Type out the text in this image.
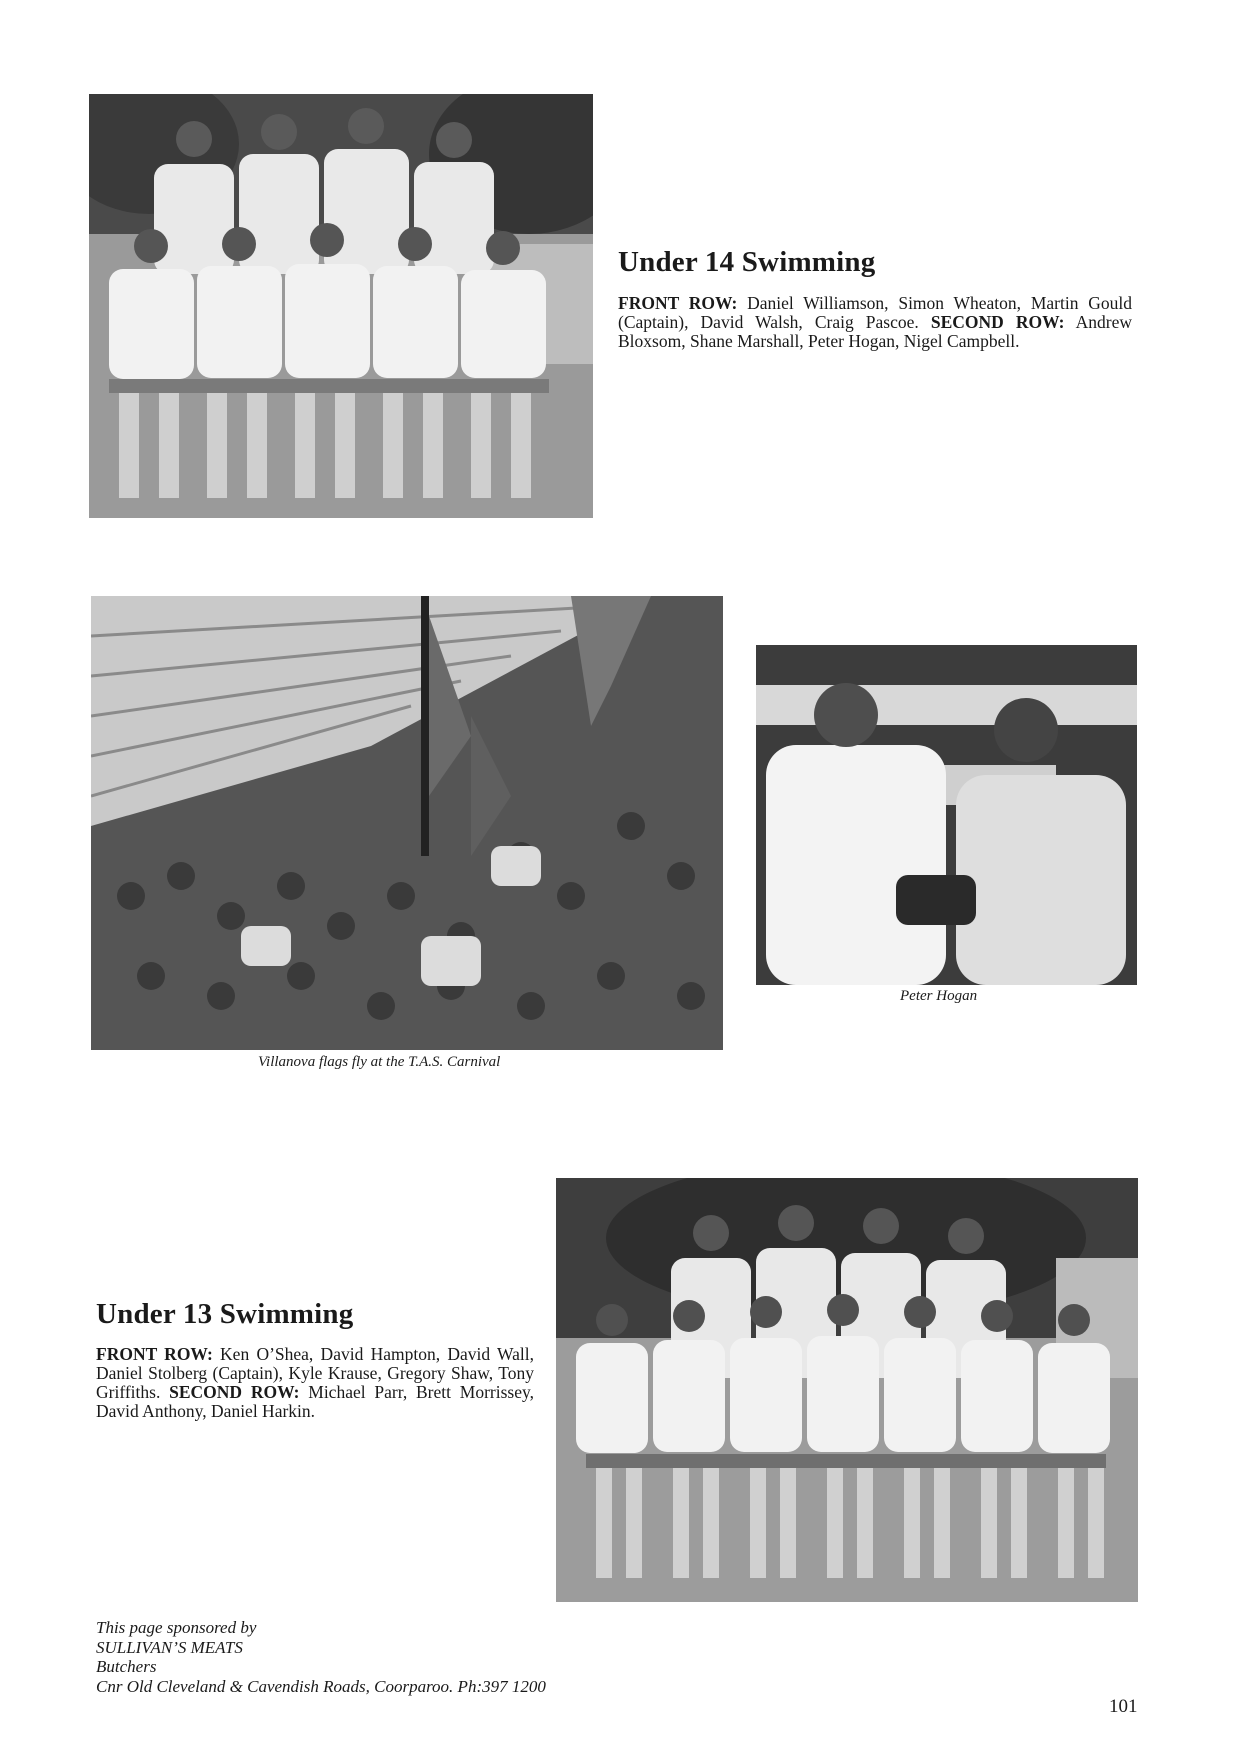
Under 14 Swimming

FRONT ROW: Daniel Williamson, Simon Wheaton, Martin Gould (Captain), David Walsh, Craig Pascoe. SECOND ROW: Andrew Bloxsom, Shane Marshall, Peter Hogan, Nigel Campbell.

Villanova flags fly at the T.A.S. Carnival
Peter Hogan
Under 13 Swimming

FRONT ROW: Ken O’Shea, David Hampton, David Wall, Daniel Stolberg (Captain), Kyle Krause, Gregory Shaw, Tony Griffiths. SECOND ROW: Michael Parr, Brett Morrissey, David Anthony, Daniel Harkin.

This page sponsored by
SULLIVAN’S MEATS
Butchers
Cnr Old Cleveland & Cavendish Roads, Coorparoo. Ph:397 1200
101
